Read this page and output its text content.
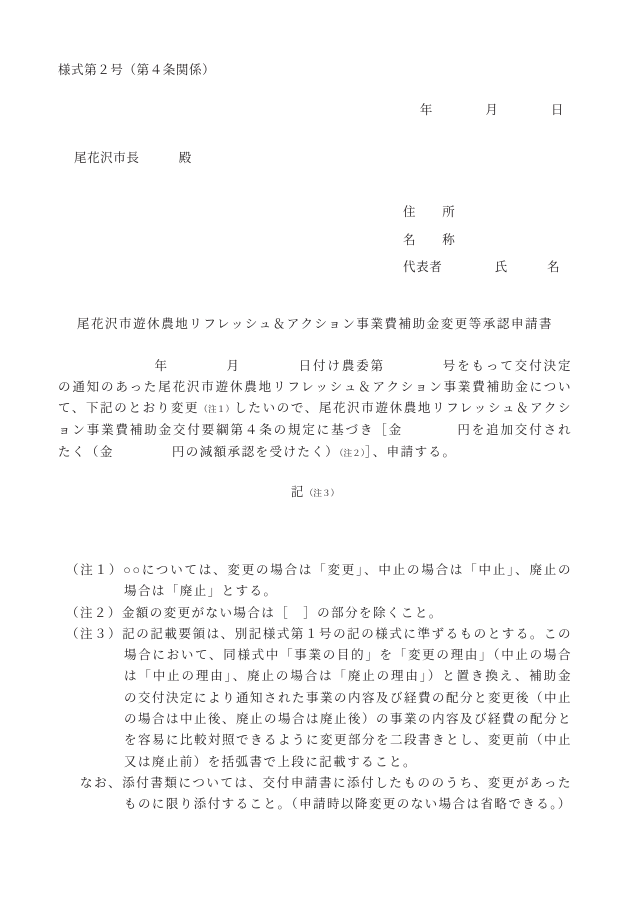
様式第２号（第４条関係）
年　　　　月　　　　日
尾花沢市長　　　殿
住　　所
名　　称
代表者　　　　氏　　　名
尾花沢市遊休農地リフレッシュ＆アクション事業費補助金変更等承認申請書
年　　　　月　　　　日付け農委第　　　　号をもって交付決定の通知のあった尾花沢市遊休農地リフレッシュ＆アクション事業費補助金について、下記のとおり変更（注１）したいので、尾花沢市遊休農地リフレッシュ＆アクション事業費補助金交付要綱第４条の規定に基づき［金	円を追加交付されたく（金	円の減額承認を受けたく）（注２）］、申請する。
記（注３）
（注１）○○については、変更の場合は「変更」、中止の場合は「中止」、廃止の場合は「廃止」とする。
（注２）金額の変更がない場合は［ ］の部分を除くこと。
（注３）記の記載要領は、別記様式第１号の記の様式に準ずるものとする。この場合において、同様式中「事業の目的」を「変更の理由」（中止の場合は「中止の理由」、廃止の場合は「廃止の理由」）と置き換え、補助金の交付決定により通知された事業の内容及び経費の配分と変更後（中止の場合は中止後、廃止の場合は廃止後）の事業の内容及び経費の配分とを容易に比較対照できるように変更部分を二段書きとし、変更前（中止又は廃止前）を括弧書で上段に記載すること。
なお、添付書類については、交付申請書に添付したもののうち、変更があったものに限り添付すること。（申請時以降変更のない場合は省略できる。）
